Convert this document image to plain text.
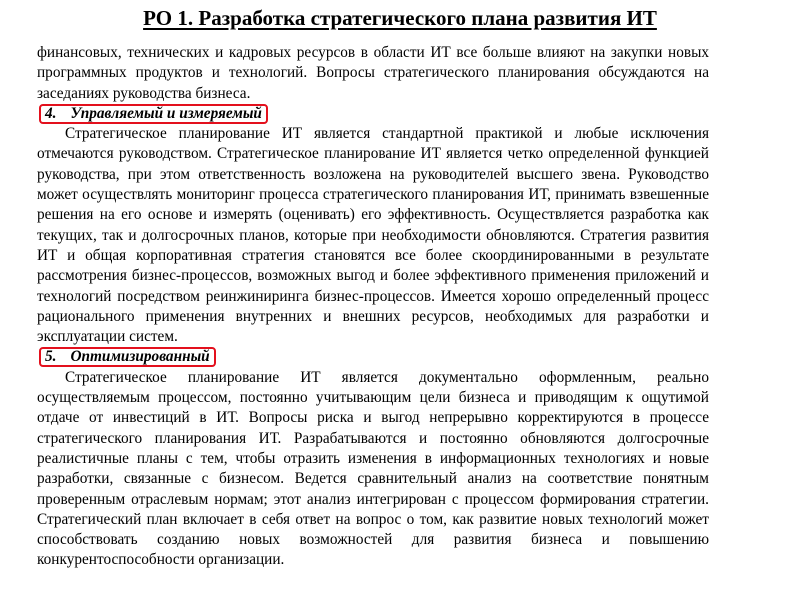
РО 1. Разработка стратегического плана развития ИТ

финансовых, технических и кадровых ресурсов в области ИТ все больше влияют на закупки новых программных продуктов и технологий. Вопросы стратегического планирования обсуждаются на заседаниях руководства бизнеса.

4. Управляемый и измеряемый

Стратегическое планирование ИТ является стандартной практикой и любые исключения отмечаются руководством. Стратегическое планирование ИТ является четко определенной функцией руководства, при этом ответственность возложена на руководителей высшего звена. Руководство может осуществлять мониторинг процесса стратегического планирования ИТ, принимать взвешенные решения на его основе и измерять (оценивать) его эффективность. Осуществляется разработка как текущих, так и долгосрочных планов, которые при необходимости обновляются. Стратегия развития ИТ и общая корпоративная стратегия становятся все более скоординированными в результате рассмотрения бизнес-процессов, возможных выгод и более эффективного применения приложений и технологий посредством реинжиниринга бизнес-процессов. Имеется хорошо определенный процесс рационального применения внутренних и внешних ресурсов, необходимых для разработки и эксплуатации систем.

5. Оптимизированный

Стратегическое планирование ИТ является документально оформленным, реально осуществляемым процессом, постоянно учитывающим цели бизнеса и приводящим к ощутимой отдаче от инвестиций в ИТ. Вопросы риска и выгод непрерывно корректируются в процессе стратегического планирования ИТ. Разрабатываются и постоянно обновляются долгосрочные реалистичные планы с тем, чтобы отразить изменения в информационных технологиях и новые разработки, связанные с бизнесом. Ведется сравнительный анализ на соответствие понятным проверенным отраслевым нормам; этот анализ интегрирован с процессом формирования стратегии. Стратегический план включает в себя ответ на вопрос о том, как развитие новых технологий может способствовать созданию новых возможностей для развития бизнеса и повышению конкурентоспособности организации.
